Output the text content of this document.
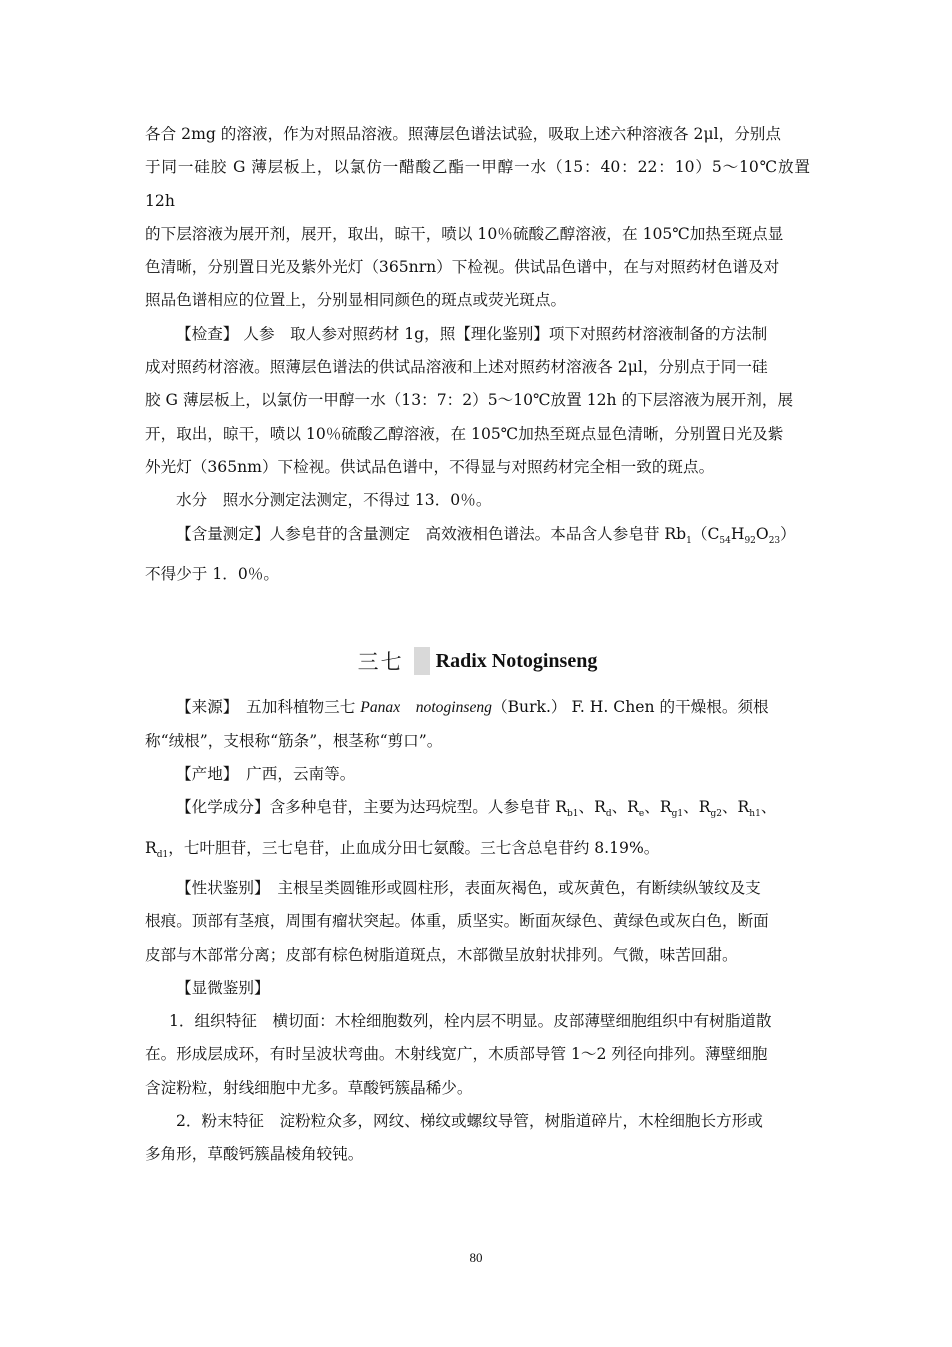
各合 2mg 的溶液，作为对照品溶液。照薄层色谱法试验，吸取上述六种溶液各 2μl，分别点

于同一硅胶 G 薄层板上，以氯仿一醋酸乙酯一甲醇一水（15：40：22：10）5～10℃放置 12h

的下层溶液为展开剂，展开，取出，晾干，喷以 10％硫酸乙醇溶液，在 105℃加热至斑点显

色清晰，分别置日光及紫外光灯（365nrn）下检视。供试品色谱中，在与对照药材色谱及对

照品色谱相应的位置上，分别显相同颜色的斑点或荧光斑点。

【检查】 人参　取人参对照药材 1g，照【理化鉴别】项下对照药材溶液制备的方法制

成对照药材溶液。照薄层色谱法的供试品溶液和上述对照药材溶液各 2μl，分别点于同一硅

胶 G 薄层板上，以氯仿一甲醇一水（13：7：2）5～10℃放置 12h 的下层溶液为展开剂，展

开，取出，晾干，喷以 10％硫酸乙醇溶液，在 105℃加热至斑点显色清晰，分别置日光及紫

外光灯（365nm）下检视。供试品色谱中，不得显与对照药材完全相一致的斑点。

水分　照水分测定法测定，不得过 13．0％。

【含量测定】人参皂苷的含量测定　高效液相色谱法。本品含人参皂苷 $Rb_1(C_{54}H_{92}O_{23})$

不得少于 1．0％。

三七 Radix Notoginseng

【来源】　五加科植物三七 Panax　notoginseng（Burk.） F. H. Chen 的干燥根。须根

称“绒根”，支根称“筋条”，根茎称“剪口”。

【产地】　广西，云南等。

【化学成分】含多种皂苷，主要为达玛烷型。人参皂苷 $R_{b1}$、$R_d$、$R_e$、$R_{g1}$、$R_{g2}$、$R_{h1}$、

$R_{d1}$，七叶胆苷，三七皂苷，止血成分田七氨酸。三七含总皂苷约 8.19%。

【性状鉴别】　主根呈类圆锥形或圆柱形，表面灰褐色，或灰黄色，有断续纵皱纹及支

根痕。顶部有茎痕，周围有瘤状突起。体重，质坚实。断面灰绿色、黄绿色或灰白色，断面

皮部与木部常分离；皮部有棕色树脂道斑点，木部微呈放射状排列。气微，味苦回甜。

【显微鉴别】

1．组织特征　横切面：木栓细胞数列，栓内层不明显。皮部薄壁细胞组织中有树脂道散

在。形成层成环，有时呈波状弯曲。木射线宽广，木质部导管 1～2 列径向排列。薄壁细胞

含淀粉粒，射线细胞中尤多。草酸钙簇晶稀少。

2．粉末特征　淀粉粒众多，网纹、梯纹或螺纹导管，树脂道碎片，木栓细胞长方形或

多角形，草酸钙簇晶棱角较钝。

80
